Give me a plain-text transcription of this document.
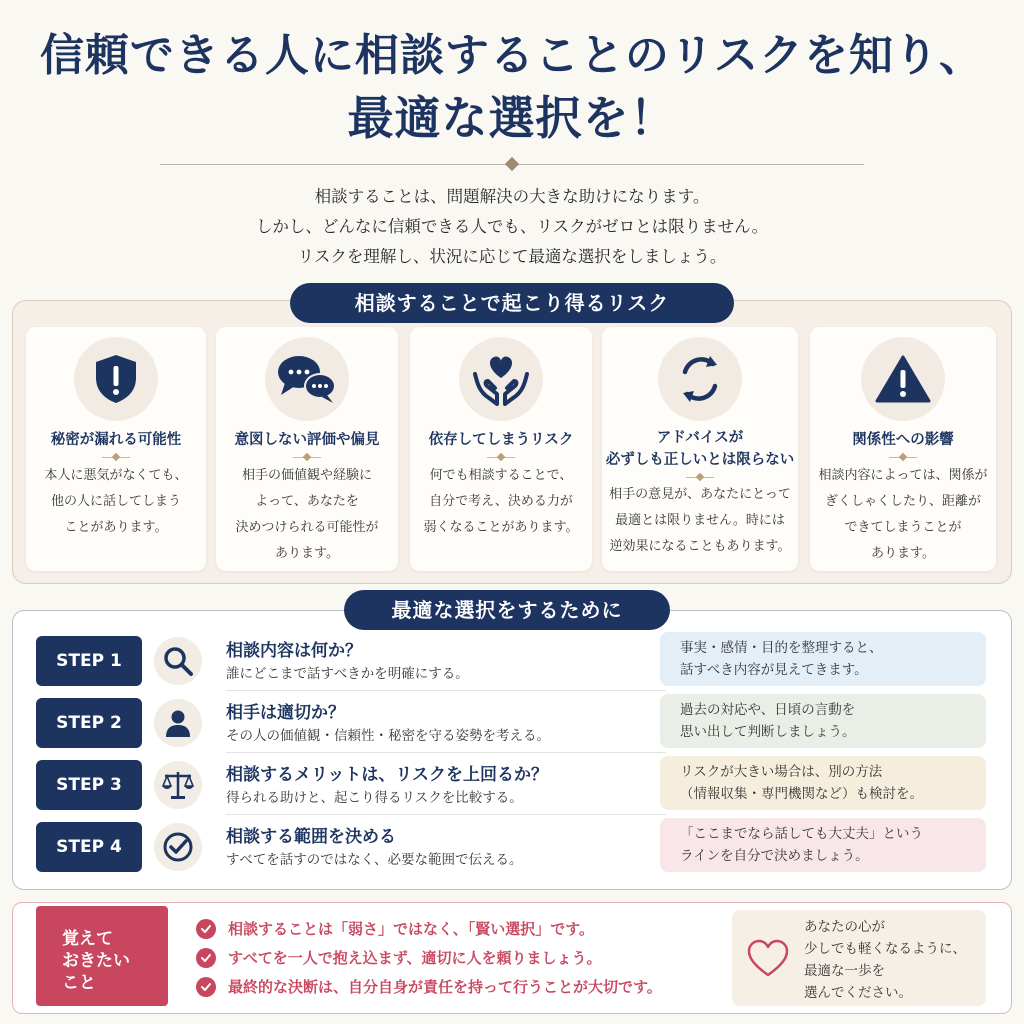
信頼できる人に相談することのリスクを知り、
最適な選択を！
相談することは、問題解決の大きな助けになります。
しかし、どんなに信頼できる人でも、リスクがゼロとは限りません。
リスクを理解し、状況に応じて最適な選択をしましょう。
相談することで起こり得るリスク
秘密が漏れる可能性
本人に悪気がなくても、
他の人に話してしまう
ことがあります。
意図しない評価や偏見
相手の価値観や経験に
よって、あなたを
決めつけられる可能性が
あります。
依存してしまうリスク
何でも相談することで、
自分で考え、決める力が
弱くなることがあります。
アドバイスが
必ずしも正しいとは限らない
相手の意見が、あなたにとって
最適とは限りません。時には
逆効果になることもあります。
関係性への影響
相談内容によっては、関係が
ぎくしゃくしたり、距離が
できてしまうことが
あります。
最適な選択をするために
STEP 1	相談内容は何か？
誰にどこまで話すべきかを明確にする。
事実・感情・目的を整理すると、
話すべき内容が見えてきます。
STEP 2	相手は適切か？
その人の価値観・信頼性・秘密を守る姿勢を考える。
過去の対応や、日頃の言動を
思い出して判断しましょう。
STEP 3	相談するメリットは、リスクを上回るか？
得られる助けと、起こり得るリスクを比較する。
リスクが大きい場合は、別の方法
（情報収集・専門機関など）も検討を。
STEP 4	相談する範囲を決める
すべてを話すのではなく、必要な範囲で伝える。
「ここまでなら話しても大丈夫」という
ラインを自分で決めましょう。
覚えて
おきたい
こと
相談することは「弱さ」ではなく、「賢い選択」です。
すべてを一人で抱え込まず、適切に人を頼りましょう。
最終的な決断は、自分自身が責任を持って行うことが大切です。
あなたの心が
少しでも軽くなるように、
最適な一歩を
選んでください。
